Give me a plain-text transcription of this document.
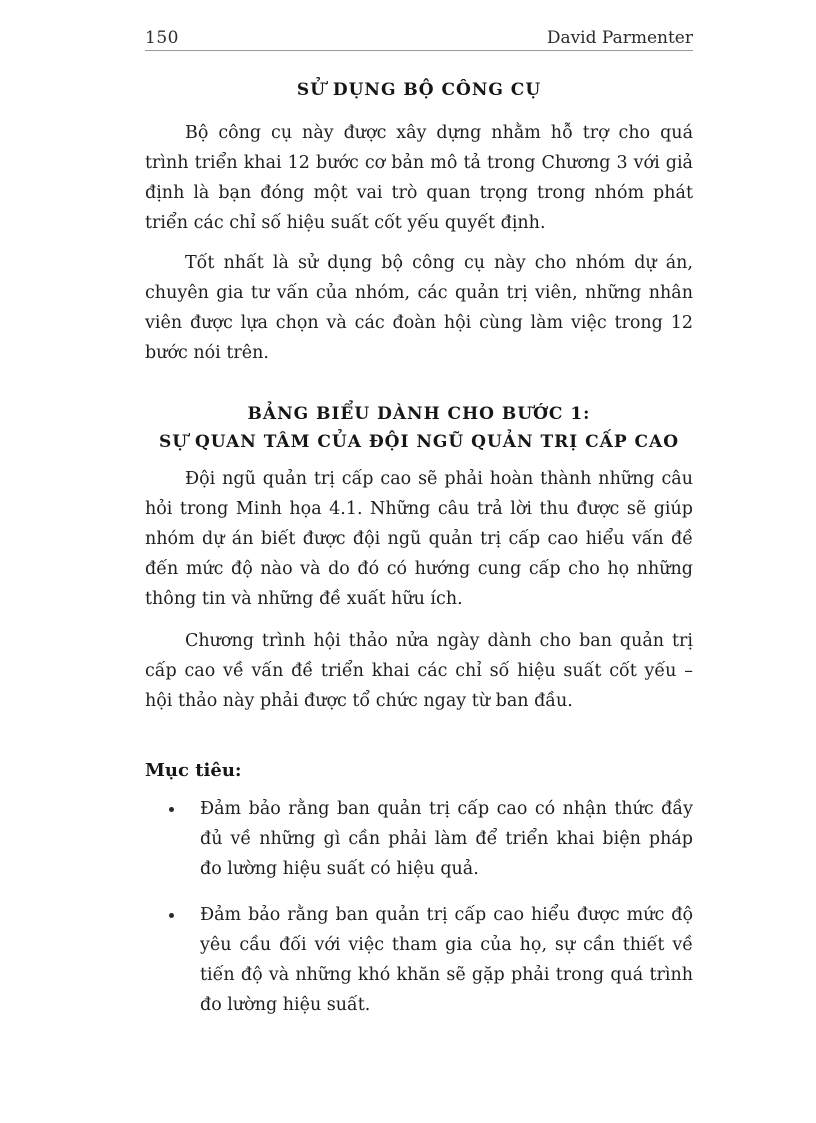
150	David Parmenter
SỬ DỤNG BỘ CÔNG CỤ

Bộ công cụ này được xây dựng nhằm hỗ trợ cho quá trình triển khai 12 bước cơ bản mô tả trong Chương 3 với giả định là bạn đóng một vai trò quan trọng trong nhóm phát triển các chỉ số hiệu suất cốt yếu quyết định.

Tốt nhất là sử dụng bộ công cụ này cho nhóm dự án, chuyên gia tư vấn của nhóm, các quản trị viên, những nhân viên được lựa chọn và các đoàn hội cùng làm việc trong 12 bước nói trên.

BẢNG BIỂU DÀNH CHO BƯỚC 1:
SỰ QUAN TÂM CỦA ĐỘI NGŨ QUẢN TRỊ CẤP CAO

Đội ngũ quản trị cấp cao sẽ phải hoàn thành những câu hỏi trong Minh họa 4.1. Những câu trả lời thu được sẽ giúp nhóm dự án biết được đội ngũ quản trị cấp cao hiểu vấn đề đến mức độ nào và do đó có hướng cung cấp cho họ những thông tin và những đề xuất hữu ích.

Chương trình hội thảo nửa ngày dành cho ban quản trị cấp cao về vấn đề triển khai các chỉ số hiệu suất cốt yếu – hội thảo này phải được tổ chức ngay từ ban đầu.

Mục tiêu:

Đảm bảo rằng ban quản trị cấp cao có nhận thức đầy đủ về những gì cần phải làm để triển khai biện pháp đo lường hiệu suất có hiệu quả.

Đảm bảo rằng ban quản trị cấp cao hiểu được mức độ yêu cầu đối với việc tham gia của họ, sự cần thiết về tiến độ và những khó khăn sẽ gặp phải trong quá trình đo lường hiệu suất.
